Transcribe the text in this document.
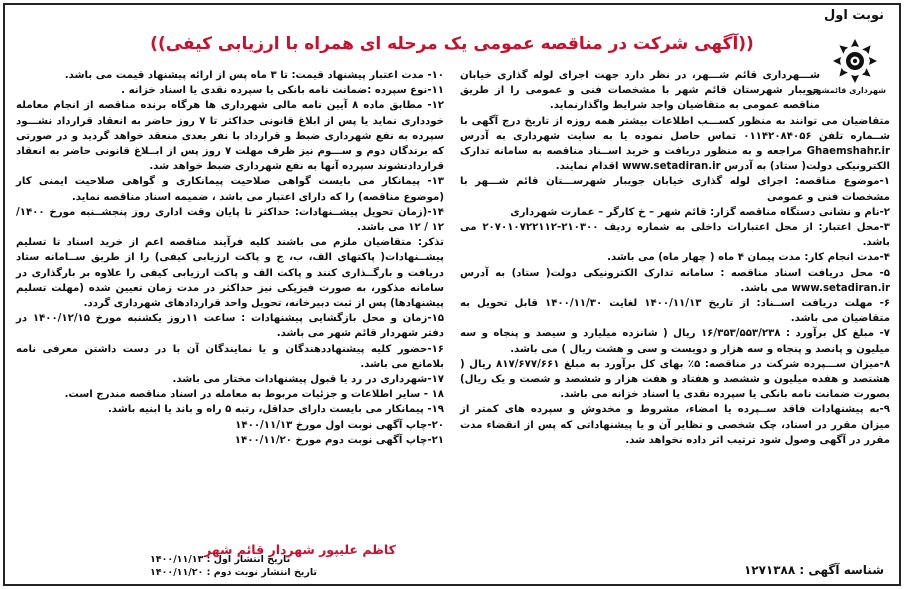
نوبت اول
((آگهی شرکت در مناقصه عمومی یک مرحله ای همراه با ارزیابی کیفی))
شهرداری قائمشهر

شـــهرداری قائم شـــهر، در نظر دارد جهت اجرای لوله گذاری خیابان جویبار شهرستان قائم شهر با مشخصات فنی و عمومی را از طریق مناقصه عمومی به متقاضیان واجد شرایط واگذارنماید.

متقاضیان می توانند به منظور کســـب اطلاعات بیشتر همه روزه از تاریخ درج آگهی با شــماره تلفن ۰۱۱۴۲۰۸۴۰۵۶ تماس حاصل نموده یا به سایت شهرداری به آدرس Ghaemshahr.ir مراجعه و به منظور دریافت و خرید اســناد مناقصه به سامانه تدارک الکترونیکی دولت( ستاد) به آدرس www.setadiran.ir اقدام نمایند.

۱-موضوع مناقصه: اجرای لوله گذاری خیابان جویبار شهرســـتان قائم شـــهر با مشخصات فنی و عمومی

۲-نام و نشانی دستگاه مناقصه گزار: قائم شهر – خ کارگر – عمارت شهرداری

۳-محل اعتبار: از محل اعتبارات داخلی به شماره ردیف ۲۱۰۳۰۰-۲۰۷۰۱۰۷۲۲۱۱۲ می باشد.

۴-مدت انجام کار: مدت پیمان ۴ ماه ( چهار ماه) می باشد.

۵- محل دریافت اسناد مناقصه : سامانه تدارک الکترونیکی دولت( ستاد) به آدرس www.setadiran.ir می باشد.

۶- مهلت دریافت اســناد: از تاریخ ۱۴۰۰/۱۱/۱۳ لغایت ۱۴۰۰/۱۱/۳۰ قابل تحویل به متقاضیان می باشد.

۷- مبلغ کل برآورد : ۱۶/۳۵۳/۵۵۳/۲۳۸ ریال ( شانزده میلیارد و سیصد و پنجاه و سه میلیون و پانصد و پنجاه و سه هزار و دویست و سی و هشت ریال ) می باشد.

۸-میزان ســـپرده شرکت در مناقصه: ۵٪ بهای کل برآورد به مبلغ ۸۱۷/۶۷۷/۶۶۱ ریال ( هشتصد و هفده میلیون و ششصد و هفتاد و هفت هزار و ششصد و شصت و یک ریال) بصورت ضمانت نامه بانکی یا سپرده نقدی یا اسناد خزانه می باشد.

۹-به پیشنهادات فاقد ســپرده یا امضاء، مشروط و مخدوش و سپرده های کمتر از میزان مقرر در اسناد، چک شخصی و نظایر آن و یا پیشنهاداتی که پس از انقضاء مدت مقرر در آگهی وصول شود ترتیب اثر داده نخواهد شد.

۱۰- مدت اعتبار پیشنهاد قیمت: تا ۳ ماه پس از ارائه پیشنهاد قیمت می باشد.

۱۱-نوع سپرده :ضمانت نامه بانکی یا سپرده نقدی یا اسناد خزانه .

۱۲- مطابق ماده ۸ آیین نامه مالی شهرداری ها هرگاه برنده مناقصه از انجام معامله خودداری نماید یا پس از ابلاغ قانونی حداکثر تا ۷ روز حاضر به انعقاد قرارداد نشـــود سپرده به نفع شهرداری ضبط و قرارداد با نفر بعدی منعقد خواهد گردید و در صورتی که برندگان دوم و ســـوم نیز ظرف مهلت ۷ روز پس از ابــلاغ قانونی حاضر به انعقاد قراردادنشوند سپرده آنها به نفع شهرداری ضبط خواهد شد.

۱۳- پیمانکار می بایست گواهی صلاحیت پیمانکاری و گواهی صلاحیت ایمنی کار (موضوع مناقصه) را که دارای اعتبار می باشد ، ضمیمه اسناد مناقصه نماید.

۱۴-(زمان تحویل پیشــنهادات: حداکثر تا پایان وقت اداری روز پنجشــنبه مورخ ۱۴۰۰/ ۱۲ / ۱۲ می باشد.

تذکر: متقاضیان ملزم می باشند کلیه فرآیند مناقصه اعم از خرید اسناد تا تسلیم پیشــنهادات( پاکتهای الف، ب، ج و پاکت ارزیابی کیفی) را از طریق ســامانه ستاد دریافت و بارگــذاری کنند و پاکت الف و پاکت ارزیابی کیفی را علاوه بر بارگذاری در سامانه مذکور، به صورت فیزیکی نیز حداکثر در مدت زمان تعیین شده (مهلت تسلیم پیشنهادها) پس از ثبت دبیرخانه، تحویل واحد قراردادهای شهرداری گردد.

۱۵-زمان و محل بازگشایی پیشنهادات : ساعت ۱۱روز یکشنبه مورخ ۱۴۰۰/۱۲/۱۵ در دفتر شهردار قائم شهر می باشد.

۱۶-حضور کلیه پیشنهاددهندگان و یا نمایندگان آن با در دست داشتن معرفی نامه بلامانع می باشد.

۱۷-شهرداری در رد یا قبول پیشنهادات مختار می باشد.

۱۸ - سایر اطلاعات و جزئیات مربوط به معامله در اسناد مناقصه مندرج است.

۱۹- پیمانکار می بایست دارای حداقل، رتبه ۵ راه و باند یا ابنیه باشد.

۲۰-چاپ آگهی نوبت اول مورخ ۱۴۰۰/۱۱/۱۳

۲۱-چاپ آگهی نوبت دوم مورخ ۱۴۰۰/۱۱/۲۰

کاظم علیپور شهردار قائم شهر
تاریخ انتشار اول : ۱۴۰۰/۱۱/۱۳
تاریخ انتشار نوبت دوم : ۱۴۰۰/۱۱/۲۰	شناسه آگهی : ۱۲۷۱۳۸۸
